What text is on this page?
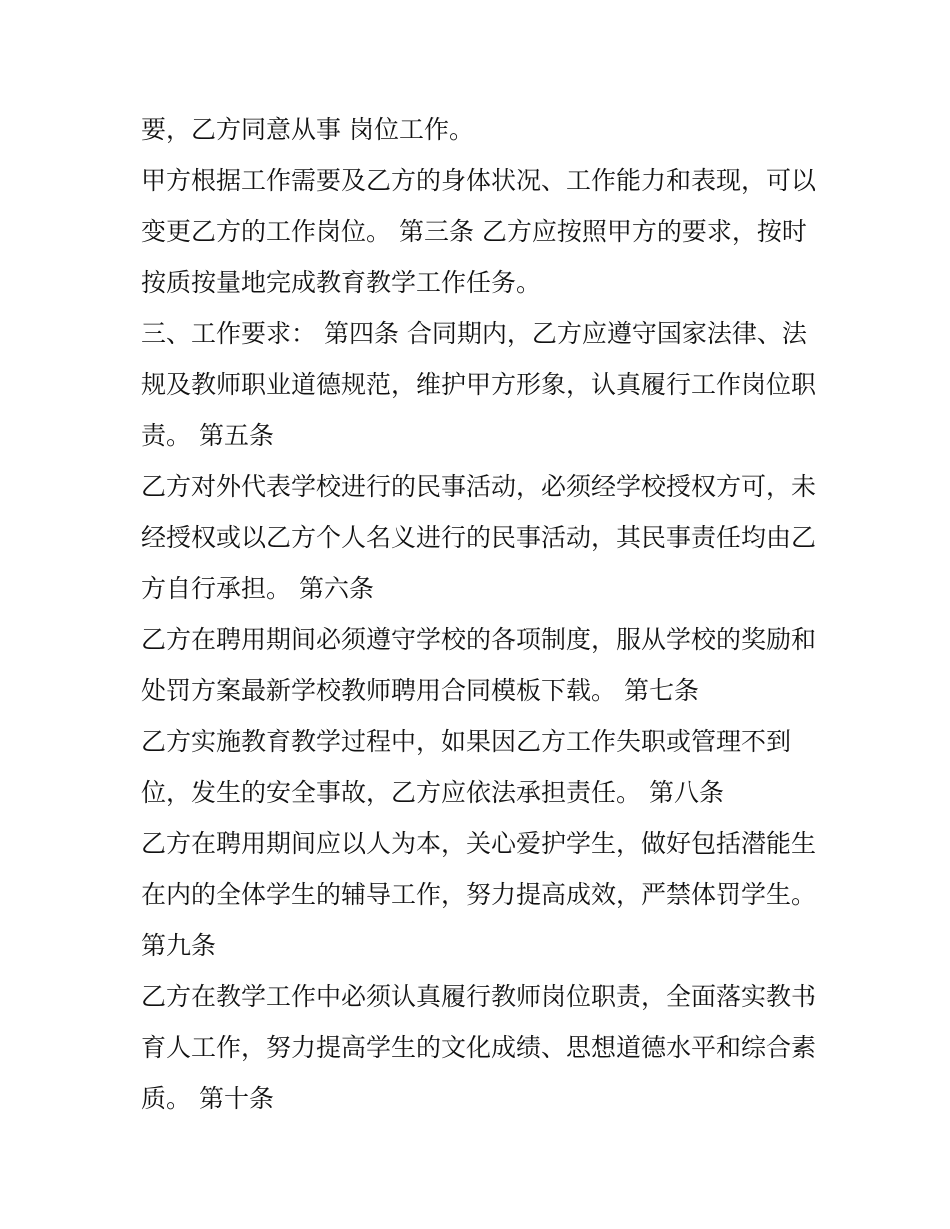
要，乙方同意从事 岗位工作。

甲方根据工作需要及乙方的身体状况、工作能力和表现，可以

变更乙方的工作岗位。 第三条 乙方应按照甲方的要求，按时

按质按量地完成教育教学工作任务。

三、工作要求： 第四条 合同期内，乙方应遵守国家法律、法

规及教师职业道德规范，维护甲方形象，认真履行工作岗位职

责。 第五条

乙方对外代表学校进行的民事活动，必须经学校授权方可，未

经授权或以乙方个人名义进行的民事活动，其民事责任均由乙

方自行承担。 第六条

乙方在聘用期间必须遵守学校的各项制度，服从学校的奖励和

处罚方案最新学校教师聘用合同模板下载。 第七条

乙方实施教育教学过程中，如果因乙方工作失职或管理不到

位，发生的安全事故，乙方应依法承担责任。 第八条

乙方在聘用期间应以人为本，关心爱护学生，做好包括潜能生

在内的全体学生的辅导工作，努力提高成效，严禁体罚学生。

第九条

乙方在教学工作中必须认真履行教师岗位职责，全面落实教书

育人工作，努力提高学生的文化成绩、思想道德水平和综合素

质。 第十条
